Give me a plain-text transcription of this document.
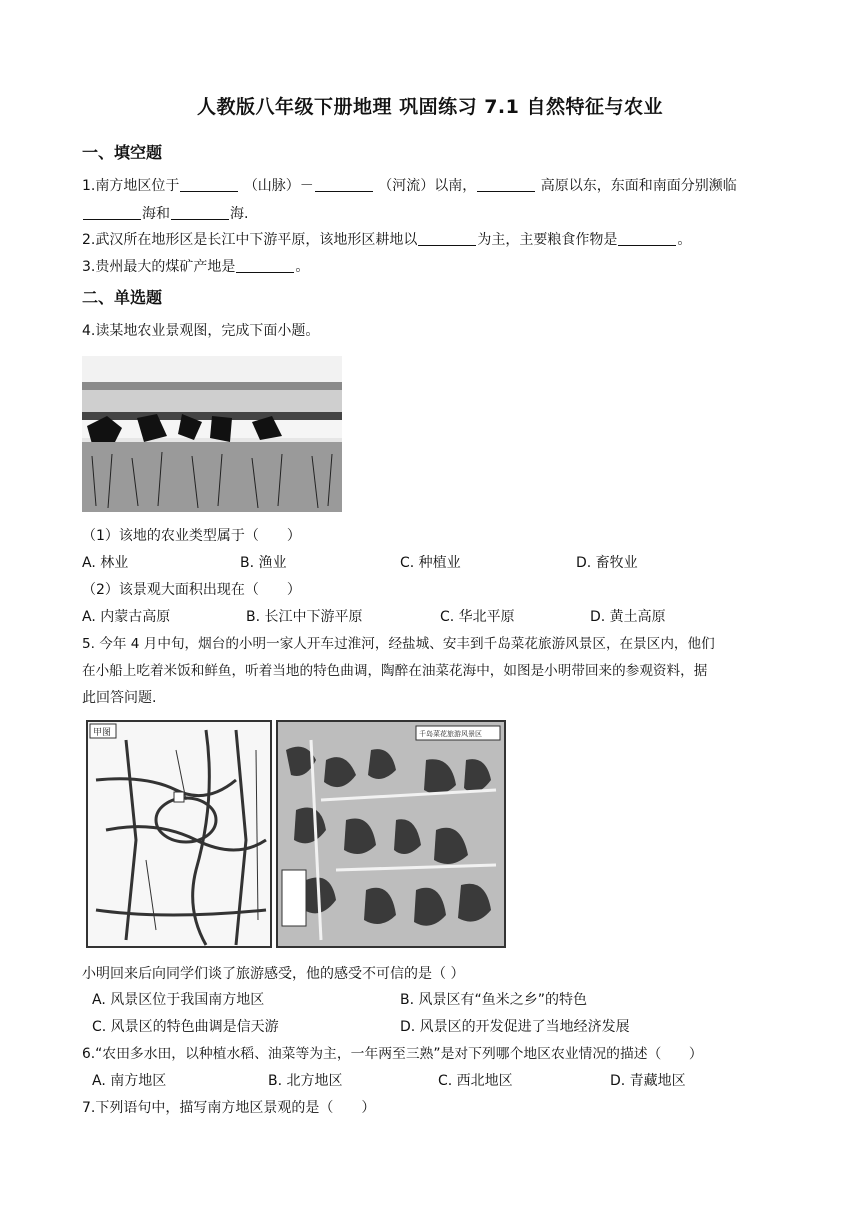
人教版八年级下册地理 巩固练习 7.1 自然特征与农业
一、填空题
1.南方地区位于	（山脉）－	（河流）以南，	高原以东，东面和南面分别濒临
海和	海.
2.武汉所在地形区是长江中下游平原，该地形区耕地以	为主，主要粮食作物是	。
3.贵州最大的煤矿产地是	。
二、单选题
4.读某地农业景观图，完成下面小题。
（1）该地的农业类型属于（　　）
A. 林业	B. 渔业	C. 种植业	D. 畜牧业
（2）该景观大面积出现在（　　）
A. 内蒙古高原	B. 长江中下游平原	C. 华北平原	D. 黄土高原
5. 今年 4 月中旬，烟台的小明一家人开车过淮河，经盐城、安丰到千岛菜花旅游风景区，在景区内，他们
在小船上吃着米饭和鲜鱼，听着当地的特色曲调，陶醉在油菜花海中，如图是小明带回来的参观资料，据
此回答问题.
甲图	千岛菜花旅游风景区
小明回来后向同学们谈了旅游感受，他的感受不可信的是（ ）
A. 风景区位于我国南方地区	B. 风景区有“鱼米之乡”的特色
C. 风景区的特色曲调是信天游	D. 风景区的开发促进了当地经济发展
6.“农田多水田，以种植水稻、油菜等为主，一年两至三熟”是对下列哪个地区农业情况的描述（　　）
A. 南方地区	B. 北方地区	C. 西北地区	D. 青藏地区
7.下列语句中，描写南方地区景观的是（　　）
